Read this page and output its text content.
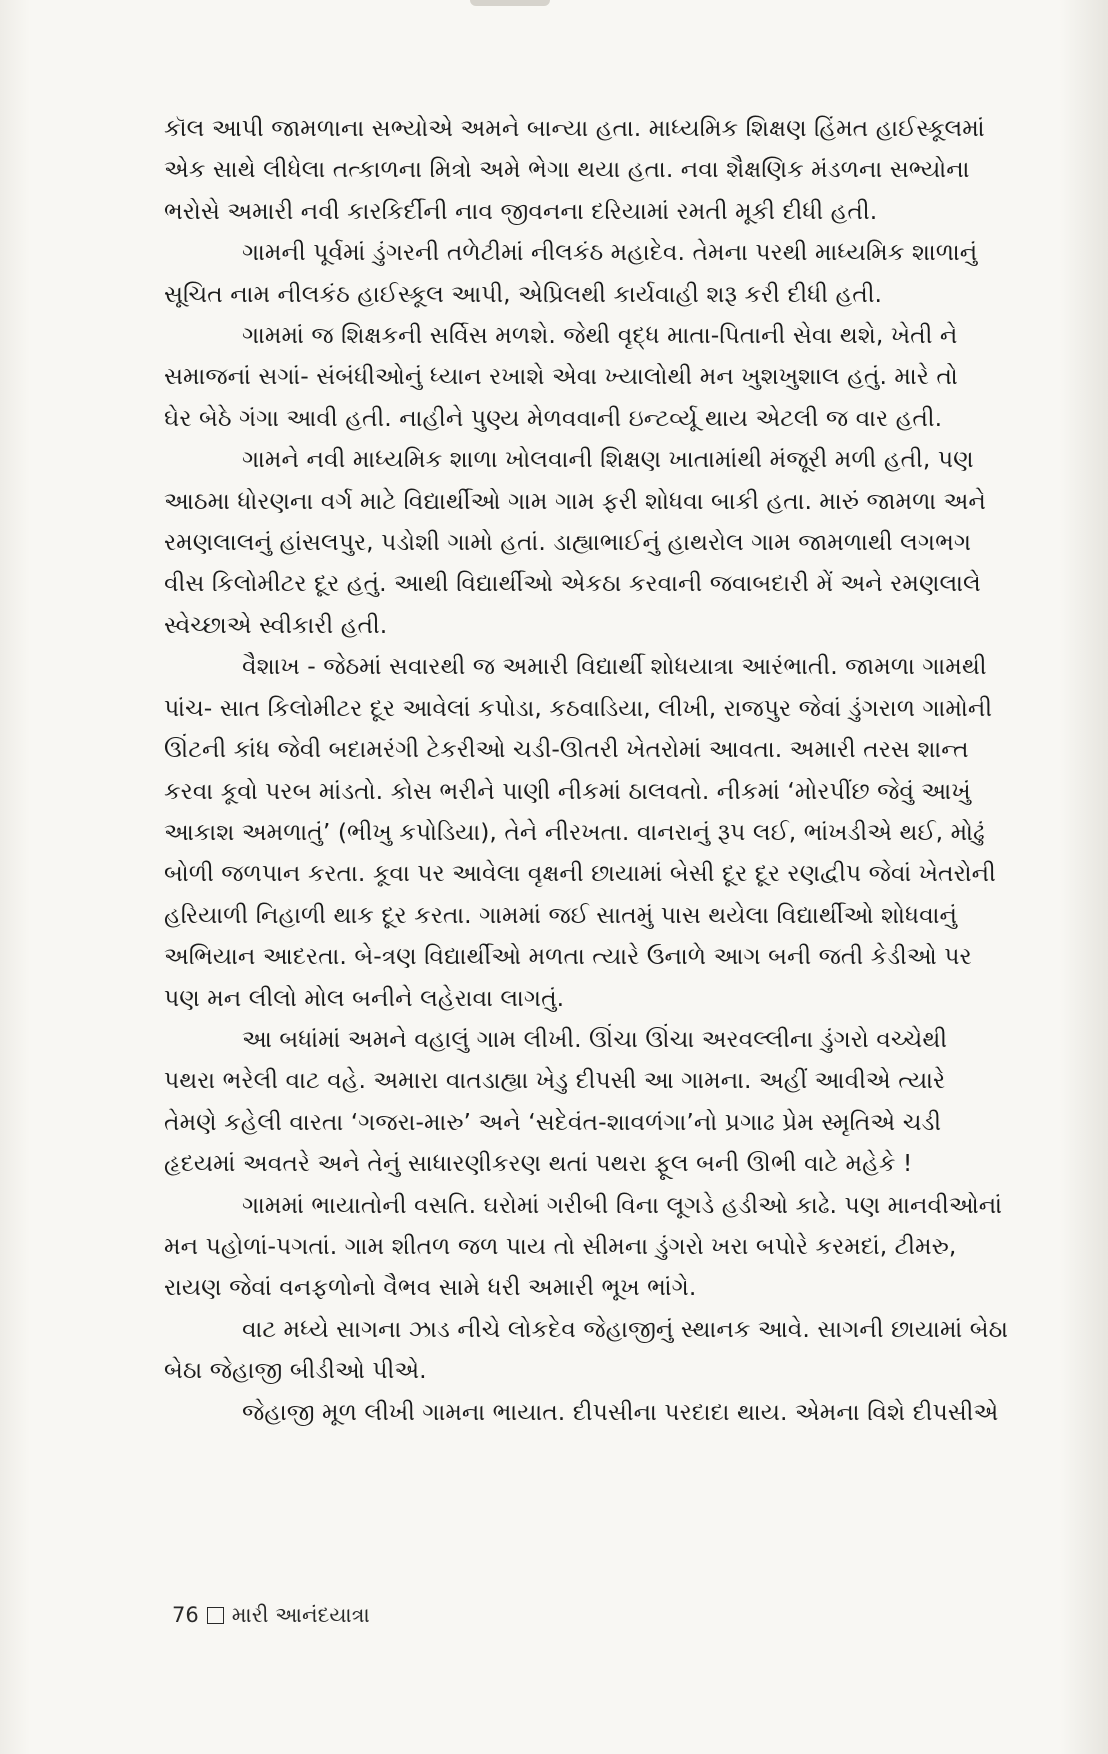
કૉલ આપી જામળાના સભ્યોએ અમને બાન્યા હતા. માધ્યમિક શિક્ષણ હિંમત હાઈસ્કૂલમાં
એક સાથે લીધેલા તત્કાળના મિત્રો અમે ભેગા થયા હતા. નવા શૈક્ષણિક મંડળના સભ્યોના
ભરોસે અમારી નવી કારકિર્દીની નાવ જીવનના દરિયામાં રમતી મૂકી દીધી હતી.

ગામની પૂર્વમાં ડુંગરની તળેટીમાં નીલકંઠ મહાદેવ. તેમના પરથી માધ્યમિક શાળાનું
સૂચિત નામ નીલકંઠ હાઈસ્કૂલ આપી, એપ્રિલથી કાર્યવાહી શરૂ કરી દીધી હતી.

ગામમાં જ શિક્ષકની સર્વિસ મળશે. જેથી વૃદ્ધ માતા-પિતાની સેવા થશે, ખેતી ને
સમાજનાં સગાં- સંબંધીઓનું ધ્યાન રખાશે એવા ખ્યાલોથી મન ખુશખુશાલ હતું. મારે તો
ઘેર બેઠે ગંગા આવી હતી. નાહીને પુણ્ય મેળવવાની ઇન્ટર્વ્યૂ થાય એટલી જ વાર હતી.

ગામને નવી માધ્યમિક શાળા ખોલવાની શિક્ષણ ખાતામાંથી મંજૂરી મળી હતી, પણ
આઠમા ધોરણના વર્ગ માટે વિદ્યાર્થીઓ ગામ ગામ ફરી શોધવા બાકી હતા. મારું જામળા અને
રમણલાલનું હાંસલપુર, પડોશી ગામો હતાં. ડાહ્યાભાઈનું હાથરોલ ગામ જામળાથી લગભગ
વીસ કિલોમીટર દૂર હતું. આથી વિદ્યાર્થીઓ એકઠા કરવાની જવાબદારી મેં અને રમણલાલે
સ્વેચ્છાએ સ્વીકારી હતી.

વૈશાખ - જેઠમાં સવારથી જ અમારી વિદ્યાર્થી શોધયાત્રા આરંભાતી. જામળા ગામથી
પાંચ- સાત કિલોમીટર દૂર આવેલાં કપોડા, કઠવાડિયા, લીખી, રાજપુર જેવાં ડુંગરાળ ગામોની
ઊંટની કાંધ જેવી બદામરંગી ટેકરીઓ ચડી-ઊતરી ખેતરોમાં આવતા. અમારી તરસ શાન્ત
કરવા કૂવો પરબ માંડતો. કોસ ભરીને પાણી નીકમાં ઠાલવતો. નીકમાં ‘મોરપીંછ જેવું આખું
આકાશ અમળાતું’ (ભીખુ કપોડિયા), તેને નીરખતા. વાનરાનું રૂપ લઈ, ભાંખડીએ થઈ, મોઢું
બોળી જળપાન કરતા. કૂવા પર આવેલા વૃક્ષની છાયામાં બેસી દૂર દૂર રણદ્વીપ જેવાં ખેતરોની
હરિયાળી નિહાળી થાક દૂર કરતા. ગામમાં જઈ સાતમું પાસ થયેલા વિદ્યાર્થીઓ શોધવાનું
અભિયાન આદરતા. બે-ત્રણ વિદ્યાર્થીઓ મળતા ત્યારે ઉનાળે આગ બની જતી કેડીઓ પર
પણ મન લીલો મોલ બનીને લહેરાવા લાગતું.

આ બધાંમાં અમને વહાલું ગામ લીખી. ઊંચા ઊંચા અરવલ્લીના ડુંગરો વચ્ચેથી
પથરા ભરેલી વાટ વહે. અમારા વાતડાહ્યા ખેડુ દીપસી આ ગામના. અહીં આવીએ ત્યારે
તેમણે કહેલી વારતા ‘ગજરા-મારુ’ અને ‘સદેવંત-શાવળંગા’નો પ્રગાઢ પ્રેમ સ્મૃતિએ ચડી
હૃદયમાં અવતરે અને તેનું સાધારણીકરણ થતાં પથરા ફૂલ બની ઊભી વાટે મહેકે !

ગામમાં ભાયાતોની વસતિ. ઘરોમાં ગરીબી વિના લૂગડે હડીઓ કાઢે. પણ માનવીઓનાં
મન પહોળાં-પગતાં. ગામ શીતળ જળ પાય તો સીમના ડુંગરો ખરા બપોરે કરમદાં, ટીમરુ,
રાયણ જેવાં વનફળોનો વૈભવ સામે ધરી અમારી ભૂખ ભાંગે.

વાટ મધ્યે સાગના ઝાડ નીચે લોકદેવ જેહાજીનું સ્થાનક આવે. સાગની છાયામાં બેઠા
બેઠા જેહાજી બીડીઓ પીએ.

જેહાજી મૂળ લીખી ગામના ભાયાત. દીપસીના પરદાદા થાય. એમના વિશે દીપસીએ

76 મારી આનંદયાત્રા
